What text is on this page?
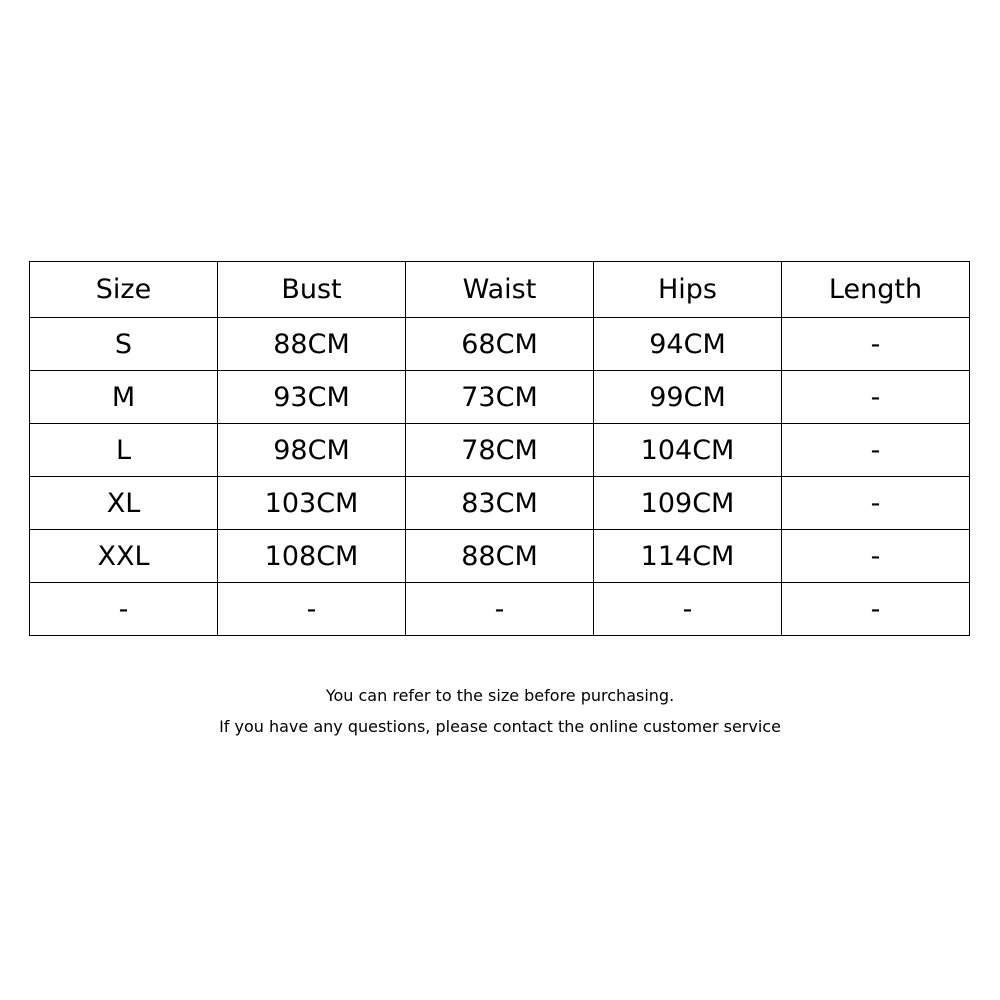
Size	Bust	Waist	Hips	Length
S	88CM	68CM	94CM	-
M	93CM	73CM	99CM	-
L	98CM	78CM	104CM	-
XL	103CM	83CM	109CM	-
XXL	108CM	88CM	114CM	-
-	-	-	-	-
You can refer to the size before purchasing.
If you have any questions, please contact the online customer service
